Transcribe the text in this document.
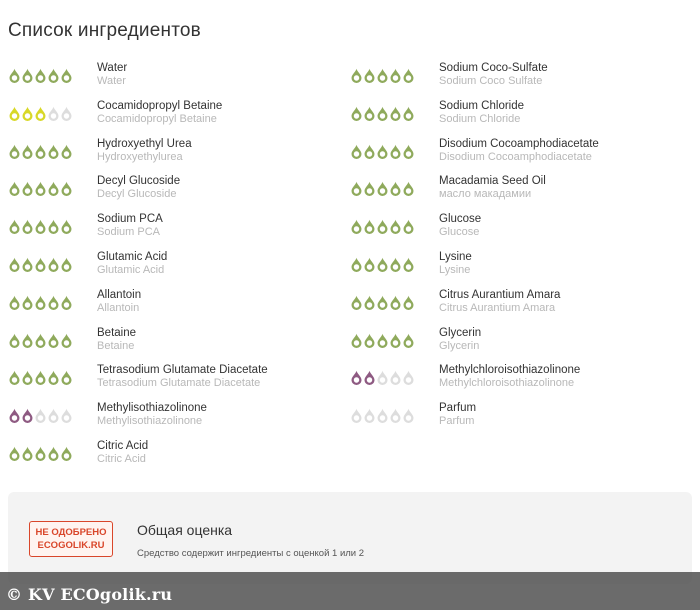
Список ингредиентов
Water
Water
Cocamidopropyl Betaine
Cocamidopropyl Betaine
Hydroxyethyl Urea
Hydroxyethylurea
Decyl Glucoside
Decyl Glucoside
Sodium PCA
Sodium PCA
Glutamic Acid
Glutamic Acid
Allantoin
Allantoin
Betaine
Betaine
Tetrasodium Glutamate Diacetate
Tetrasodium Glutamate Diacetate
Methylisothiazolinone
Methylisothiazolinone
Citric Acid
Citric Acid
Sodium Coco-Sulfate
Sodium Coco Sulfate
Sodium Chloride
Sodium Chloride
Disodium Cocoamphodiacetate
Disodium Cocoamphodiacetate
Macadamia Seed Oil
масло макадамии
Glucose
Glucose
Lysine
Lysine
Citrus Aurantium Amara
Citrus Aurantium Amara
Glycerin
Glycerin
Methylchloroisothiazolinone
Methylchloroisothiazolinone
Parfum
Parfum
НЕ ОДОБРЕНО
ECOGOLIK.RU
Общая оценка
Средство содержит ингредиенты с оценкой 1 или 2
© KV ECOgolik.ru
